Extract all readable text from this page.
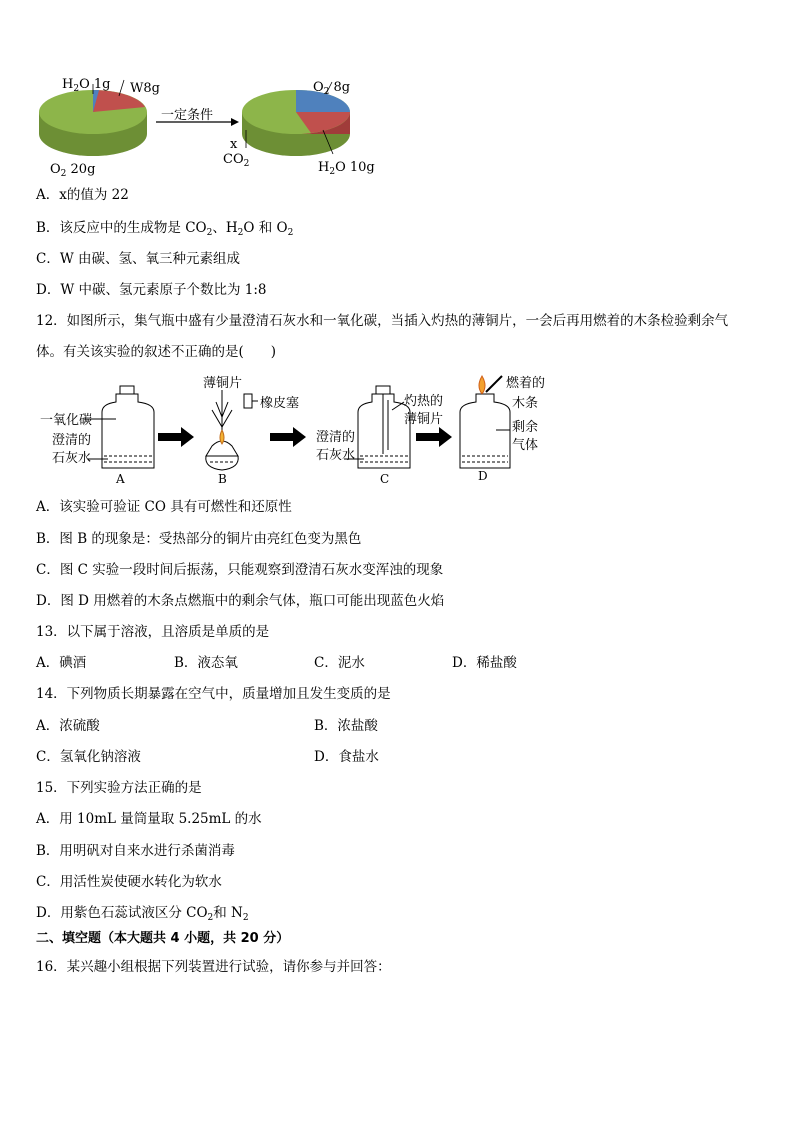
$H_2O$ 1g W8g
$O_2$ 20g
一定条件
$O_2$ 8g
x
$CO_2$	$H_2O$ 10g
A．x的值为 22
B．该反应中的生成物是 $CO_2$、$H_2O$ 和 $O_2$
C．W 由碳、氢、氧三种元素组成
D．W 中碳、氢元素原子个数比为 1:8
12．如图所示，集气瓶中盛有少量澄清石灰水和一氧化碳，当插入灼热的薄铜片，一会后再用燃着的木条检验剩余气
体。有关该实验的叙述不正确的是(　　)
一氧化碳
澄清的
石灰水
薄铜片
橡皮塞	灼热的
薄铜片
澄清的
石灰水
燃着的
木条
剩余
气体
A	B	C	D
A．该实验可验证 CO 具有可燃性和还原性
B．图 B 的现象是：受热部分的铜片由亮红色变为黑色
C．图 C 实验一段时间后振荡，只能观察到澄清石灰水变浑浊的现象
D．图 D 用燃着的木条点燃瓶中的剩余气体，瓶口可能出现蓝色火焰
13．以下属于溶液，且溶质是单质的是
A．碘酒	B．液态氧	C．泥水	D．稀盐酸
14．下列物质长期暴露在空气中，质量增加且发生变质的是
A．浓硫酸	B．浓盐酸
C．氢氧化钠溶液	D．食盐水
15．下列实验方法正确的是
A．用 10mL 量筒量取 5.25mL 的水
B．用明矾对自来水进行杀菌消毒
C．用活性炭使硬水转化为软水
D．用紫色石蕊试液区分 $CO_2$和 $N_2$
二、填空题（本大题共 4 小题，共 20 分）
16．某兴趣小组根据下列装置进行试验，请你参与并回答：
